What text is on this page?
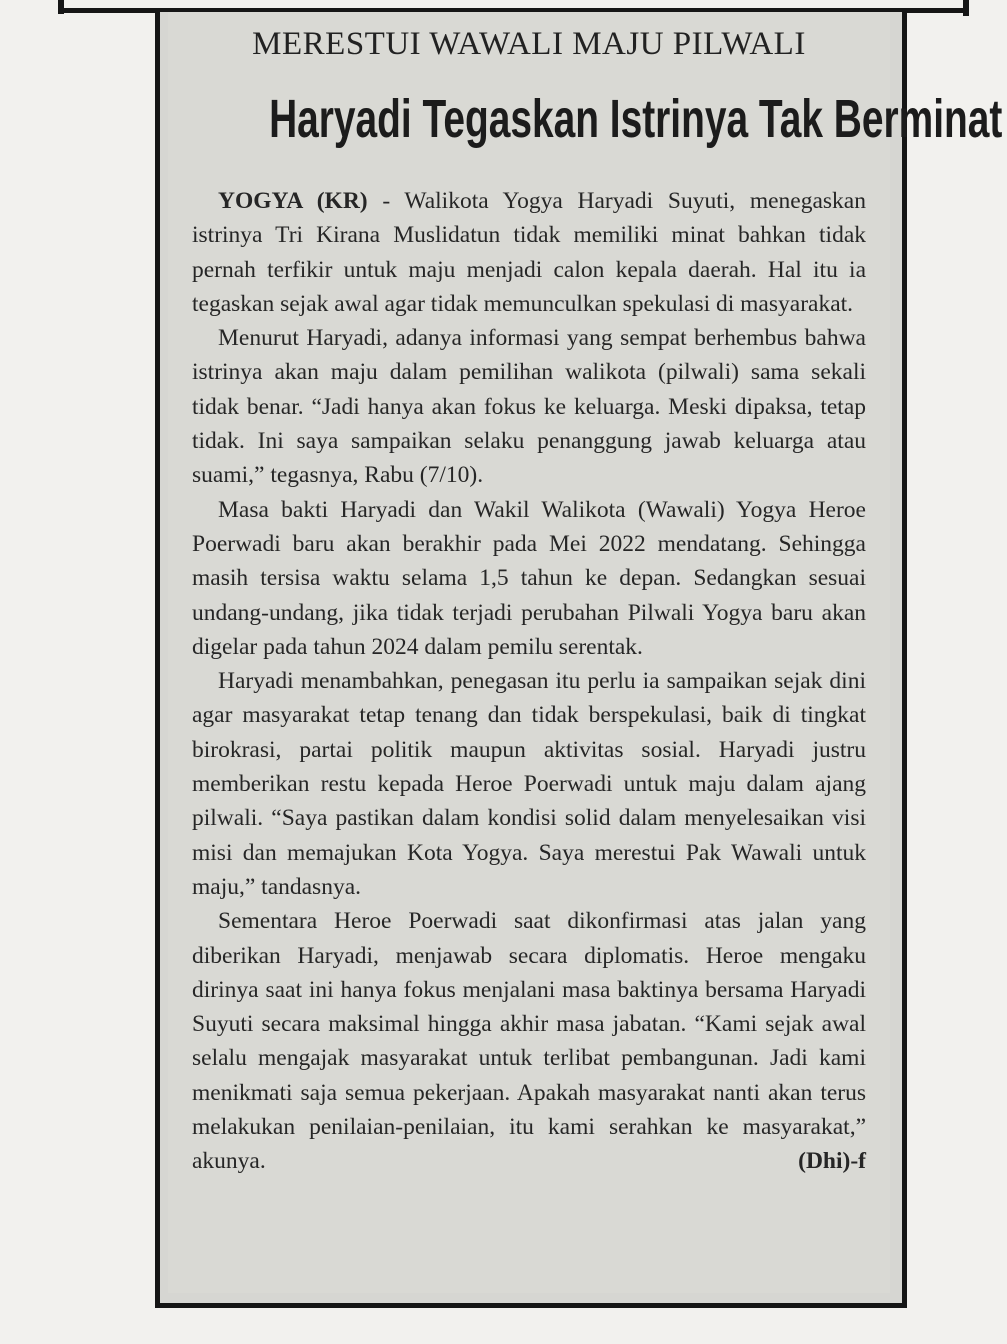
MERESTUI WAWALI MAJU PILWALI
Haryadi Tegaskan Istrinya Tak Berminat

YOGYA (KR) - Walikota Yogya Haryadi Suyuti, menegaskan istrinya Tri Kirana Muslidatun tidak memiliki minat bahkan tidak pernah terfikir untuk maju menjadi calon kepala daerah. Hal itu ia tegaskan sejak awal agar tidak memunculkan spekulasi di masyarakat.

Menurut Haryadi, adanya informasi yang sempat berhembus bahwa istrinya akan maju dalam pemilihan walikota (pilwali) sama sekali tidak benar. “Jadi hanya akan fokus ke keluarga. Meski dipaksa, tetap tidak. Ini saya sampaikan selaku penanggung jawab keluarga atau suami,” tegasnya, Rabu (7/10).

Masa bakti Haryadi dan Wakil Walikota (Wawali) Yogya Heroe Poerwadi baru akan berakhir pada Mei 2022 mendatang. Sehingga masih tersisa waktu selama 1,5 tahun ke depan. Sedangkan sesuai undang-undang, jika tidak terjadi perubahan Pilwali Yogya baru akan digelar pada tahun 2024 dalam pemilu serentak.

Haryadi menambahkan, penegasan itu perlu ia sampaikan sejak dini agar masyarakat tetap tenang dan tidak berspekulasi, baik di tingkat birokrasi, partai politik maupun aktivitas sosial. Haryadi justru memberikan restu kepada Heroe Poerwadi untuk maju dalam ajang pilwali. “Saya pastikan dalam kondisi solid dalam menyelesaikan visi misi dan memajukan Kota Yogya. Saya merestui Pak Wawali untuk maju,” tandasnya.

Sementara Heroe Poerwadi saat dikonfirmasi atas jalan yang diberikan Haryadi, menjawab secara diplomatis. Heroe mengaku dirinya saat ini hanya fokus menjalani masa baktinya bersama Haryadi Suyuti secara maksimal hingga akhir masa jabatan. “Kami sejak awal selalu mengajak masyarakat untuk terlibat pembangunan. Jadi kami menikmati saja semua pekerjaan. Apakah masyarakat nanti akan terus melakukan penilaian-penilaian, itu kami serahkan ke masyarakat,” akunya.	(Dhi)-f
